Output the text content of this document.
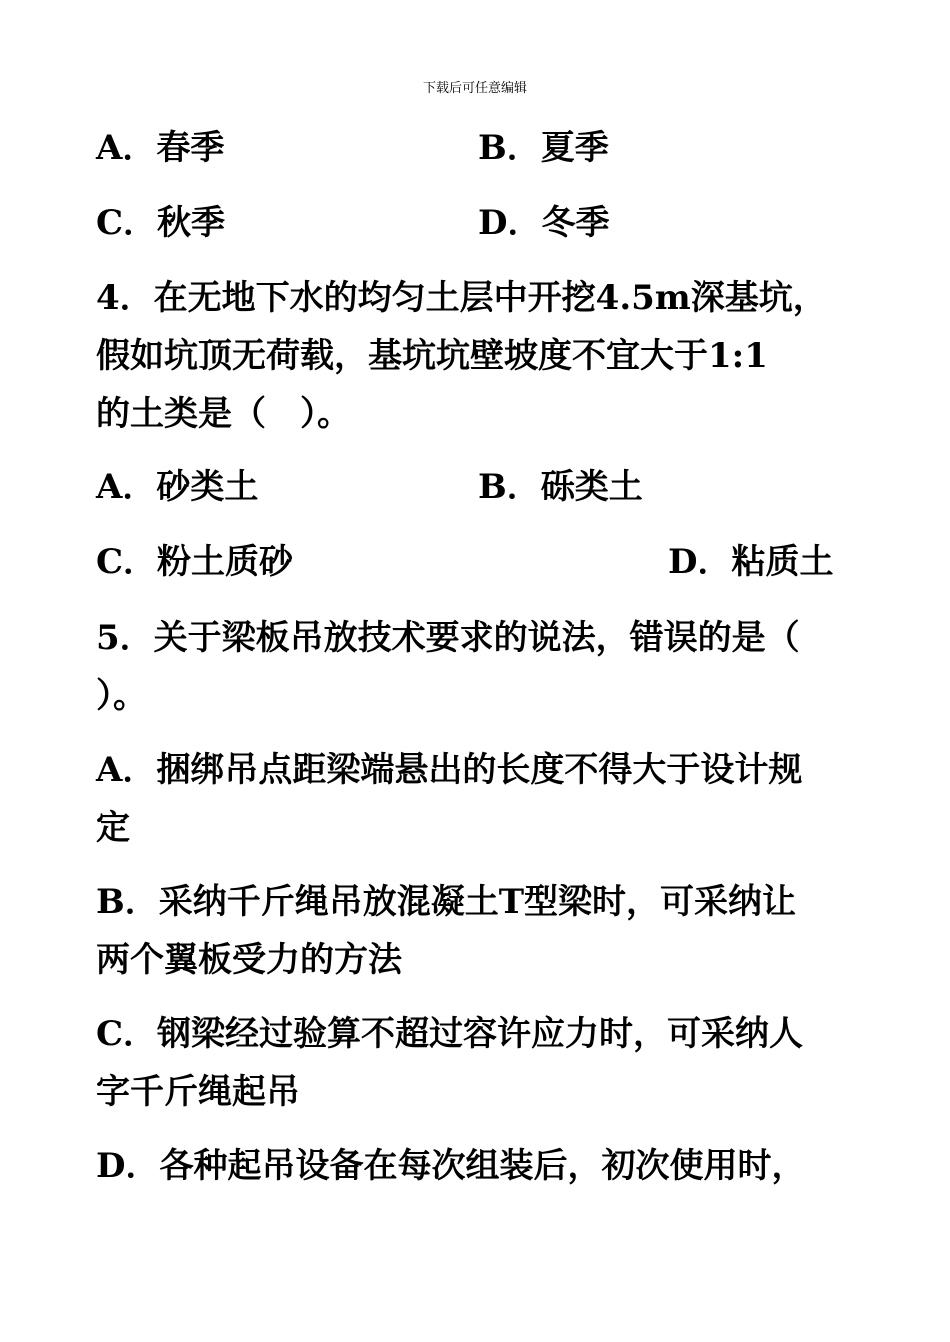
下载后可任意编辑
A．春季	B．夏季
C．秋季	D．冬季
4．在无地下水的均匀土层中开挖4.5m深基坑，
假如坑顶无荷载，基坑坑壁坡度不宜大于1:1
的土类是（　）。
A．砂类土	B．砾类土
C．粉土质砂	D．粘质土
5．关于梁板吊放技术要求的说法，错误的是（
）。
A．捆绑吊点距梁端悬出的长度不得大于设计规
定
B．采纳千斤绳吊放混凝土T型梁时，可采纳让
两个翼板受力的方法
C．钢梁经过验算不超过容许应力时，可采纳人
字千斤绳起吊
D．各种起吊设备在每次组装后，初次使用时，
